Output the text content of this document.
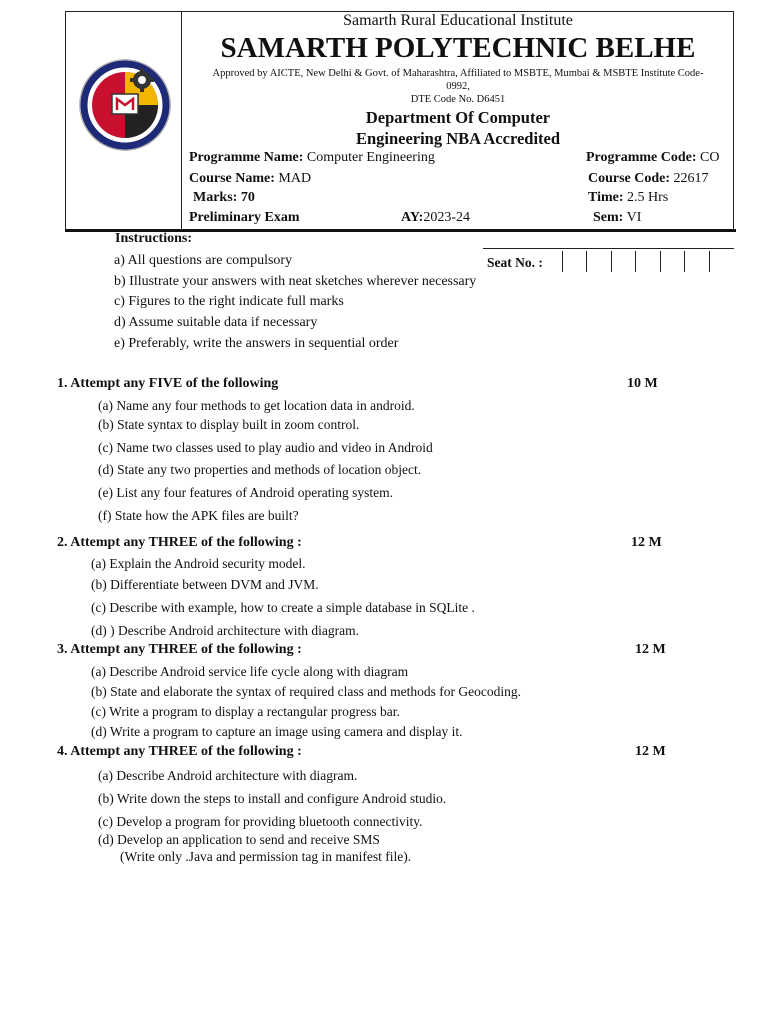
Samarth Rural Educational Institute
SAMARTH POLYTECHNIC BELHE
Approved by AICTE, New Delhi & Govt. of Maharashtra, Affiliated to MSBTE, Mumbai & MSBTE Institute Code-
0992,
DTE Code No. D6451
Department Of Computer
Engineering NBA Accredited
Programme Name: Computer Engineering	Programme Code: CO
Course Name: MAD	Course Code: 22617
Marks: 70	Time: 2.5 Hrs
Preliminary Exam	AY:2023-24	Sem: VI
Instructions:
a) All questions are compulsory
b) Illustrate your answers with neat sketches wherever necessary
c) Figures to the right indicate full marks
d) Assume suitable data if necessary
e) Preferably, write the answers in sequential order
Seat No. :
1. Attempt any FIVE of the following	10 M
(a) Name any four methods to get location data in android.
(b) State syntax to display built in zoom control.
(c) Name two classes used to play audio and video in Android
(d) State any two properties and methods of location object.
(e) List any four features of Android operating system.
(f) State how the APK files are built?
2. Attempt any THREE of the following :	12 M
(a) Explain the Android security model.
(b) Differentiate between DVM and JVM.
(c) Describe with example, how to create a simple database in SQLite .
(d) ) Describe Android architecture with diagram.
3. Attempt any THREE of the following :	12 M
(a) Describe Android service life cycle along with diagram
(b) State and elaborate the syntax of required class and methods for Geocoding.
(c) Write a program to display a rectangular progress bar.
(d) Write a program to capture an image using camera and display it.
4. Attempt any THREE of the following :	12 M
(a) Describe Android architecture with diagram.
(b) Write down the steps to install and configure Android studio.
(c) Develop a program for providing bluetooth connectivity.
(d) Develop an application to send and receive SMS
(Write only .Java and permission tag in manifest file).
